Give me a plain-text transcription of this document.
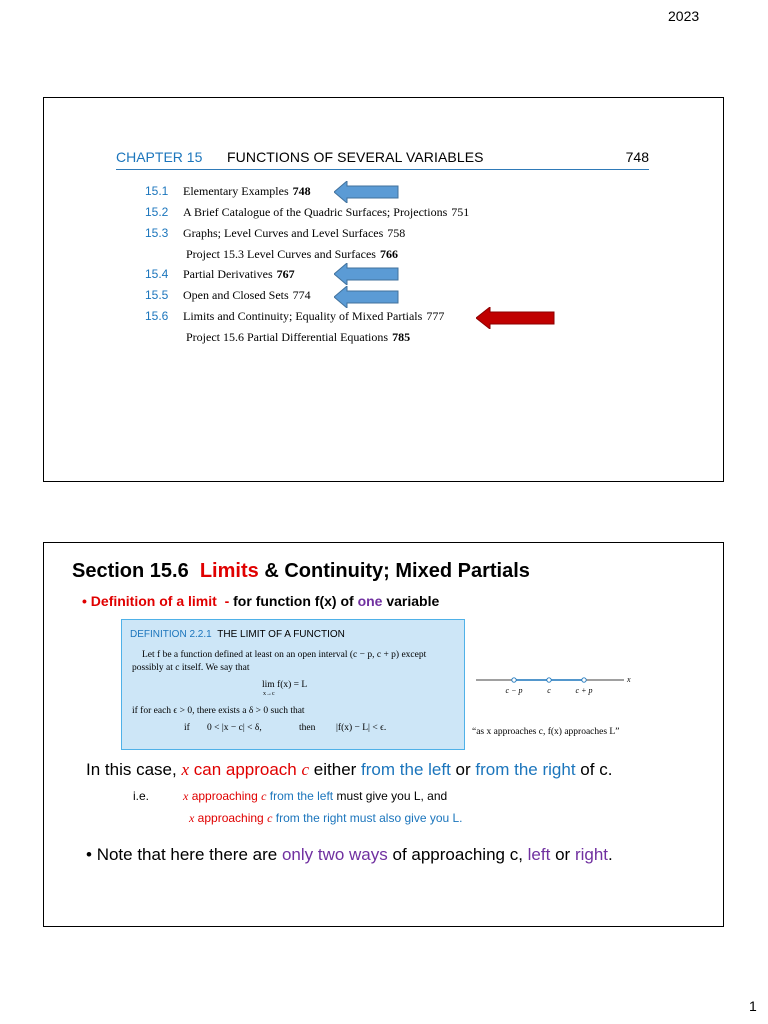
2023
CHAPTER 15 FUNCTIONS OF SEVERAL VARIABLES	748
15.1 Elementary Examples 748
15.2 A Brief Catalogue of the Quadric Surfaces; Projections 751
15.3 Graphs; Level Curves and Level Surfaces 758
Project 15.3 Level Curves and Surfaces 766
15.4 Partial Derivatives 767
15.5 Open and Closed Sets 774
15.6 Limits and Continuity; Equality of Mixed Partials 777
Project 15.6 Partial Differential Equations 785
Section 15.6 Limits & Continuity; Mixed Partials
• Definition of a limit - for function f(x) of one variable
DEFINITION 2.2.1 THE LIMIT OF A FUNCTION
Let f be a function defined at least on an open interval (c − p, c + p) except
possibly at c itself. We say that
lim f(x) = L
x→c
if for each ϵ > 0, there exists a δ > 0 such that
if 0 < |x − c| < δ,	then |f(x) − L| < ϵ.
c − p	c	c + p
x
“as x approaches c, f(x) approaches L”
In this case, x can approach c either from the left or from the right of c.
i.e.	x approaching c from the left must give you L, and
x approaching c from the right must also give you L.
• Note that here there are only two ways of approaching c, left or right.
1
